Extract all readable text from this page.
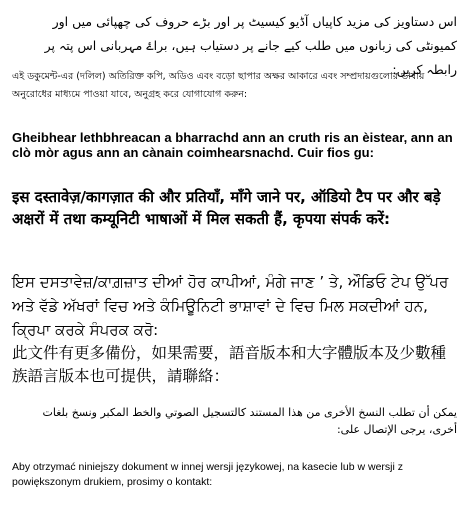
اس دستاویز کی مزید کاپیاں آڈیو کیسیٹ پر اور بڑے حروف کی چھپائی میں اور کمیونٹی کی زبانوں میں طلب کیے جانے پر دستیاب ہیں، براۓ مہربانی اس پتہ پر رابطہ کریں:

এই ডকুমেন্ট-এর (দলিল) অতিরিক্ত কপি, অডিও এবং বড়ো ছাপার অক্ষর আকারে এবং সম্প্রদায়গুলোর ভাষায় অনুরোধের মাধ্যমে পাওয়া যাবে, অনুগ্রহ করে যোগাযোগ করুন:

Gheibhear lethbhreacan a bharrachd ann an cruth ris an èistear, ann an clò mòr agus ann an cànain coimhearsnachd. Cuir fios gu:

इस दस्तावेज़/कागज़ात की और प्रतियाँ, माँगे जाने पर, ऑडियो टैप पर और बड़े अक्षरों में तथा कम्यूनिटी भाषाओं में मिल सकती हैं, कृपया संपर्क करें:

ਇਸ ਦਸਤਾਵੇਜ਼/ਕਾਗ਼ਜ਼ਾਤ ਦੀਆਂ ਹੋਰ ਕਾਪੀਆਂ, ਮੰਗੇ ਜਾਣ ’ ਤੇ, ਔਡਿਓ ਟੇਪ ਉੱਪਰ ਅਤੇ ਵੱਡੇ ਅੱਖਰਾਂ ਵਿਚ ਅਤੇ ਕੰਮਿਊਨਿਟੀ ਭਾਸ਼ਾਵਾਂ ਦੇ ਵਿਚ ਮਿਲ ਸਕਦੀਆਂ ਹਨ, ਕ੍ਰਿਪਾ ਕਰਕੇ ਸੰਪਰਕ ਕਰੋ:

此文件有更多備份，如果需要，語音版本和大字體版本及少數種族語言版本也可提供，請聯絡：

يمكن أن تطلب النسخ الأخرى من هذا المستند كالتسجيل الصوتي والخط المكبر ونسخ بلغات أخرى، يرجى الإتصال على:

Aby otrzymać niniejszy dokument w innej wersji językowej, na kasecie lub w wersji z powiększonym drukiem, prosimy o kontakt:
